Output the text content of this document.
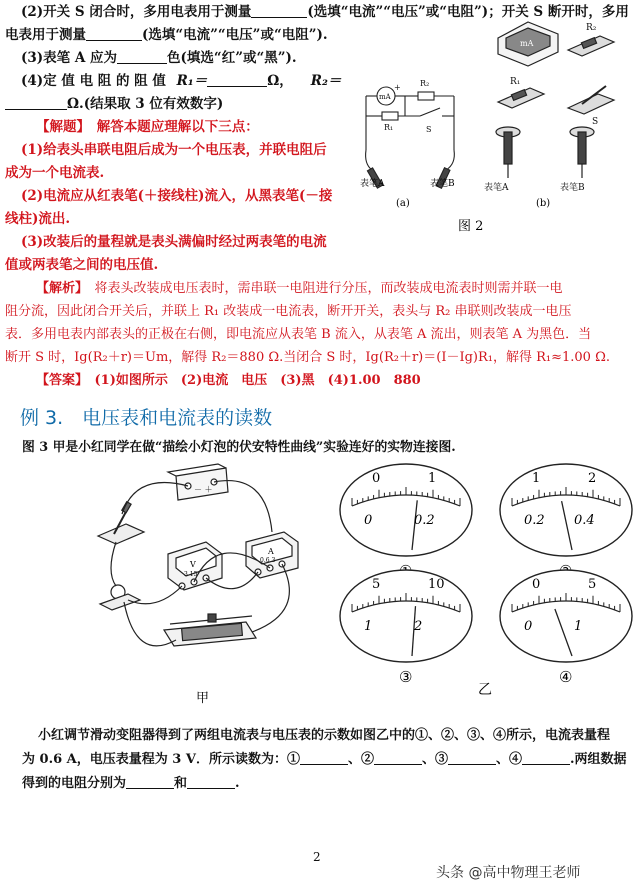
(2)开关 S 闭合时，多用电表用于测量	(选填“电流”“电压”或“电阻”)；开关 S 断开时，多用
电表用于测量	(选填“电流”“电压”或“电阻”).
(3)表笔 A 应为	色(填选“红”或“黑”).
(4)定 值 电 阻 的 阻 值 R₁＝	Ω， R₂＝
Ω.(结果取 3 位有效数字)
【解题】　 解答本题应理解以下三点：
(1)给表头串联电阻后成为一个电压表，并联电阻后
成为一个电流表.
(2)电流应从红表笔(＋接线柱)流入，从黑表笔(－接
线柱)流出.
(3)改装后的量程就是表头满偏时经过两表笔的电流
值或两表笔之间的电压值.
【解析】　 将表头改装成电压表时，需串联一电阻进行分压，而改装成电流表时则需并联一电
阻分流，因此闭合开关后，并联上 R₁ 改装成一电流表，断开开关，表头与 R₂ 串联则改装成一电压
表．多用电表内部表头的正极在右侧，即电流应从表笔 B 流入，从表笔 A 流出，则表笔 A 为黑色．当
断开 S 时，Ig(R₂＋r)＝Um，解得 R₂＝880 Ω.当闭合 S 时，Ig(R₂＋r)＝(I－Ig)R₁，解得 R₁≈1.00 Ω.
【答案】　 (1)如图所示　(2)电流　电压　(3)黑　(4)1.00　880
mA
R₂
R₁
S
表笔A	表笔B
mA
+ R₂
R₁	S
表笔A	表笔B
(a)	(b)
图 2
例 3.　电压表和电流表的读数
图 3 甲是小红同学在做“描绘小灯泡的伏安特性曲线”实验连好的实物连接图.
－ ＋
V
3 15
A
0.6 3
甲
乙
0	1
0	0.2
1	2
0.2 0.4
5	10
1	2
③
0	5
0	1
④
小红调节滑动变阻器得到了两组电流表与电压表的示数如图乙中的①、②、③、④所示，电流表量程
为 0.6 A，电压表量程为 3 V．所示读数为：①	、②	、③	、④	.两组数据
得到的电阻分别为	和	.
2
头条 @高中物理王老师
